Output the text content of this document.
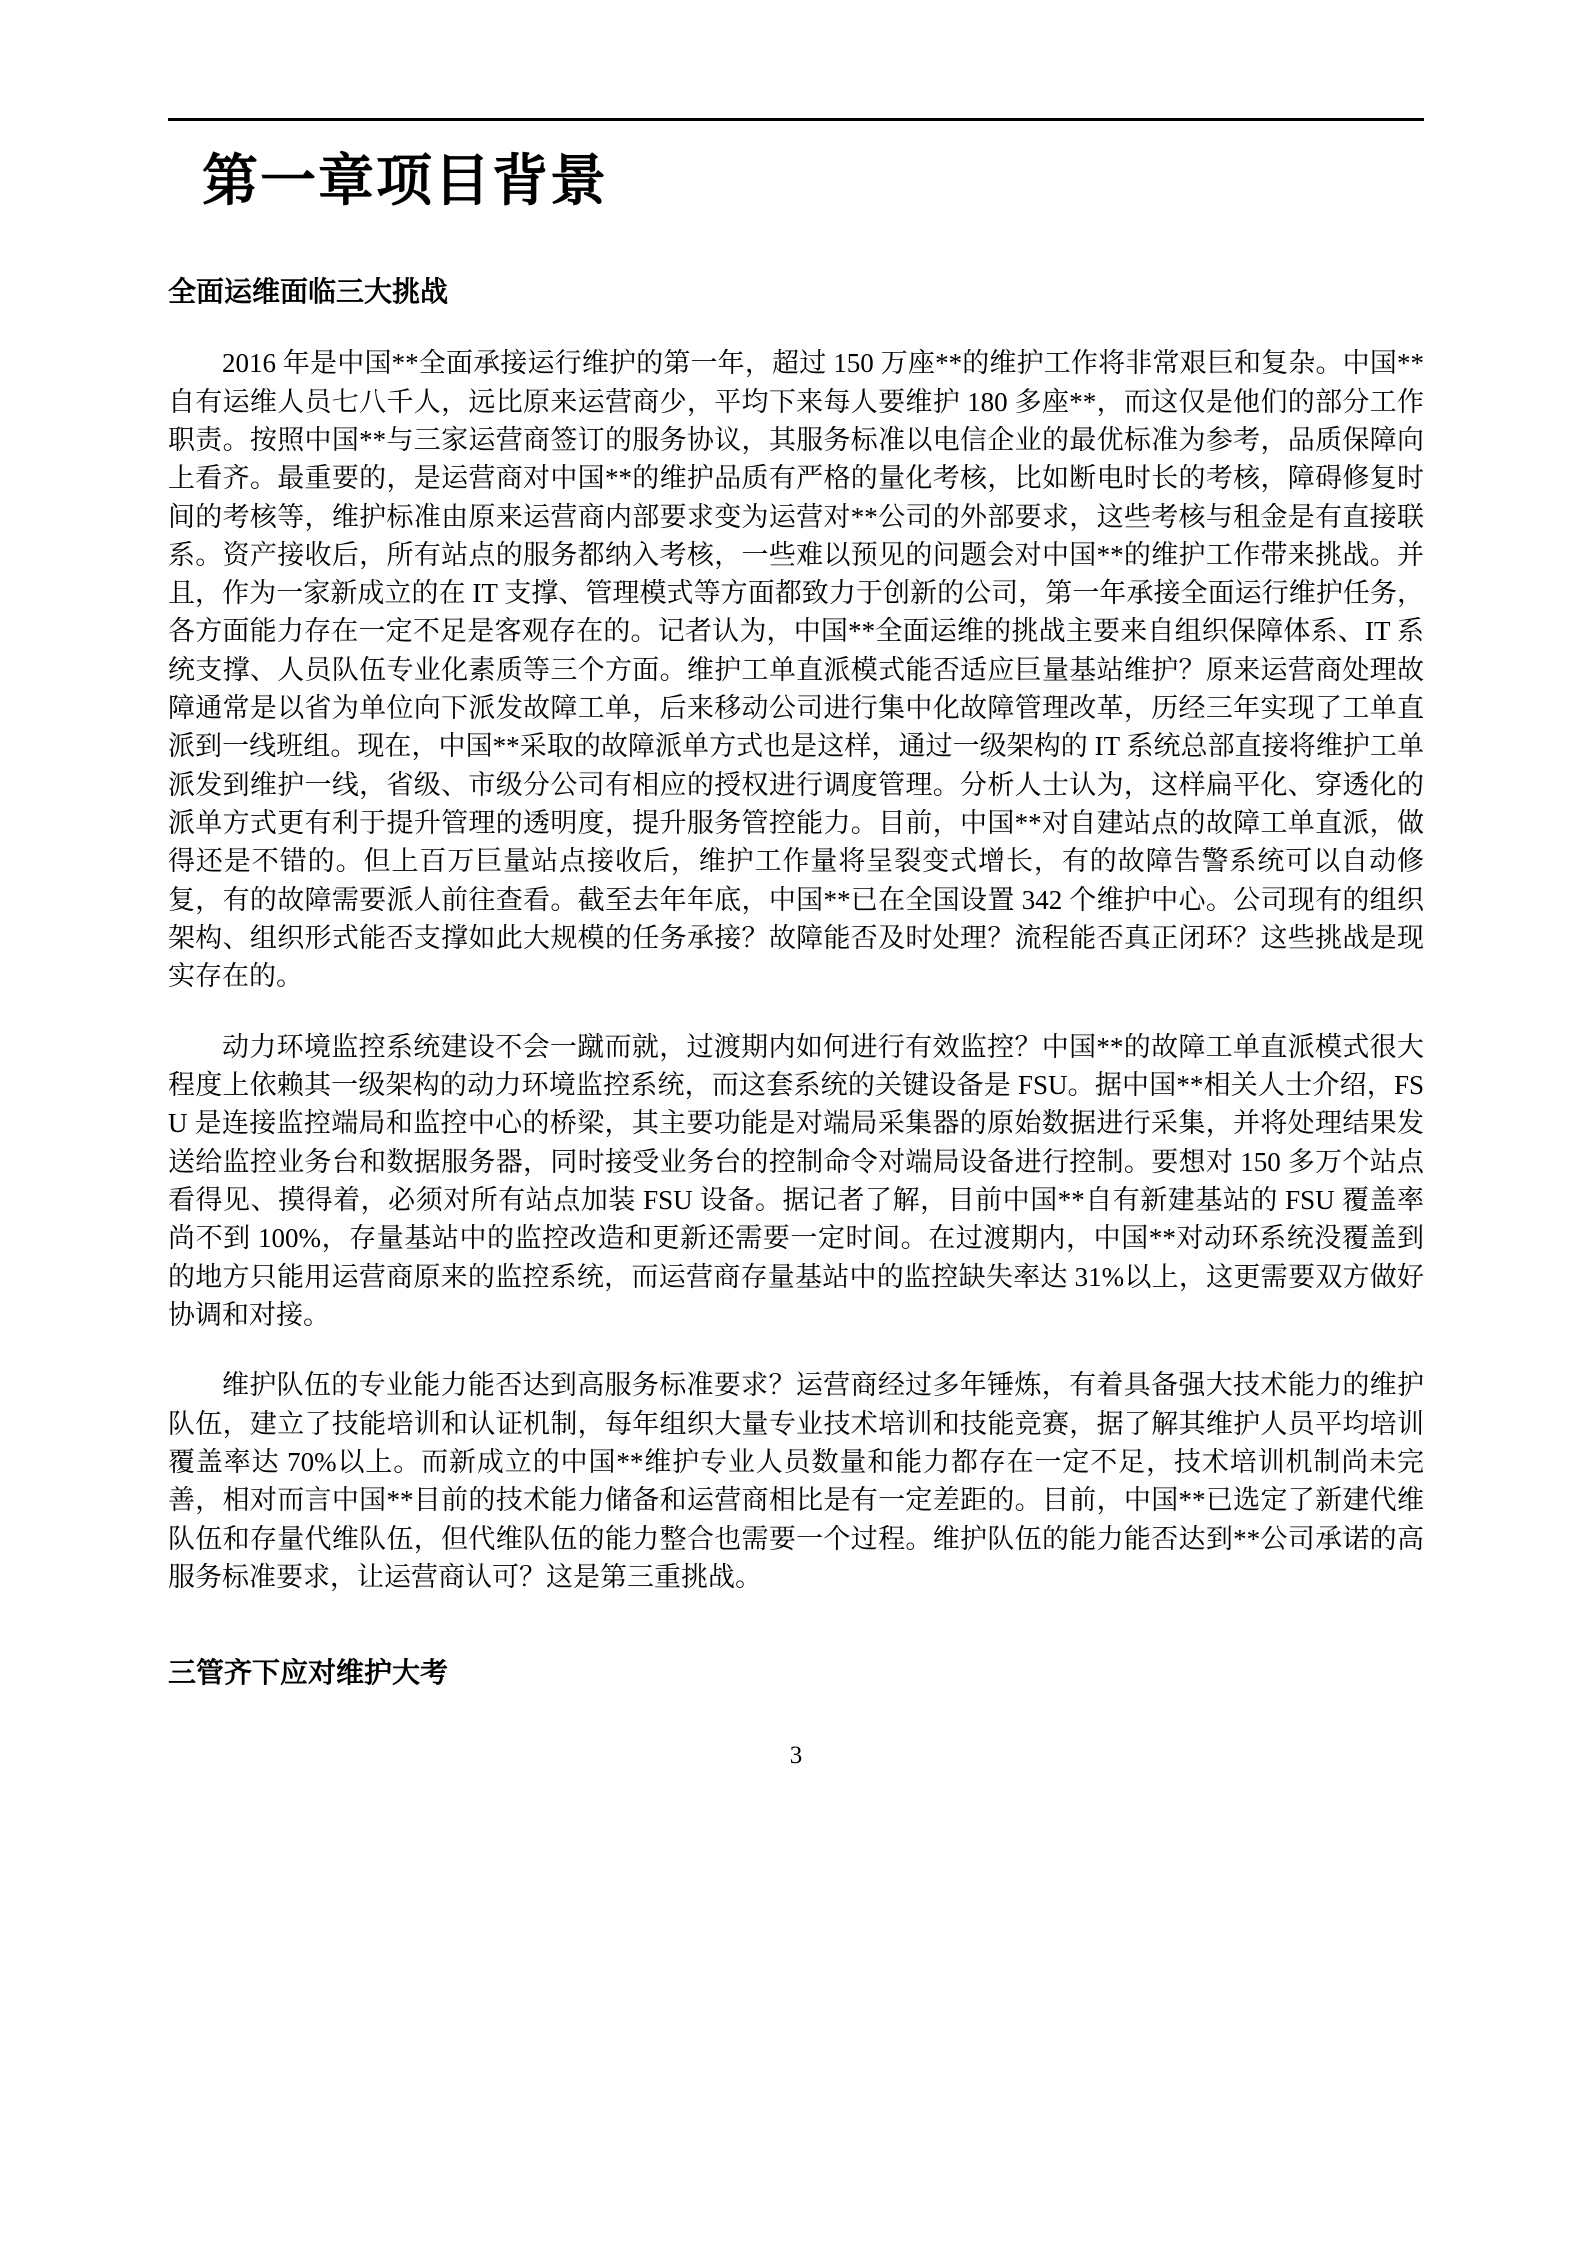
第一章项目背景
全面运维面临三大挑战

2016 年是中国**全面承接运行维护的第一年，超过 150 万座**的维护工作将非常艰巨和复杂。中国**自有运维人员七八千人，远比原来运营商少，平均下来每人要维护 180 多座**，而这仅是他们的部分工作职责。按照中国**与三家运营商签订的服务协议，其服务标准以电信企业的最优标准为参考，品质保障向上看齐。最重要的，是运营商对中国**的维护品质有严格的量化考核，比如断电时长的考核，障碍修复时间的考核等，维护标准由原来运营商内部要求变为运营对**公司的外部要求，这些考核与租金是有直接联系。资产接收后，所有站点的服务都纳入考核，一些难以预见的问题会对中国**的维护工作带来挑战。并且，作为一家新成立的在 IT 支撑、管理模式等方面都致力于创新的公司，第一年承接全面运行维护任务，各方面能力存在一定不足是客观存在的。记者认为，中国**全面运维的挑战主要来自组织保障体系、IT 系统支撑、人员队伍专业化素质等三个方面。维护工单直派模式能否适应巨量基站维护？原来运营商处理故障通常是以省为单位向下派发故障工单，后来移动公司进行集中化故障管理改革，历经三年实现了工单直派到一线班组。现在，中国**采取的故障派单方式也是这样，通过一级架构的 IT 系统总部直接将维护工单派发到维护一线，省级、市级分公司有相应的授权进行调度管理。分析人士认为，这样扁平化、穿透化的派单方式更有利于提升管理的透明度，提升服务管控能力。目前，中国**对自建站点的故障工单直派，做得还是不错的。但上百万巨量站点接收后，维护工作量将呈裂变式增长，有的故障告警系统可以自动修复，有的故障需要派人前往查看。截至去年年底，中国**已在全国设置 342 个维护中心。公司现有的组织架构、组织形式能否支撑如此大规模的任务承接？故障能否及时处理？流程能否真正闭环？这些挑战是现实存在的。

动力环境监控系统建设不会一蹴而就，过渡期内如何进行有效监控？中国**的故障工单直派模式很大程度上依赖其一级架构的动力环境监控系统，而这套系统的关键设备是 FSU。据中国**相关人士介绍，FSU 是连接监控端局和监控中心的桥梁，其主要功能是对端局采集器的原始数据进行采集，并将处理结果发送给监控业务台和数据服务器，同时接受业务台的控制命令对端局设备进行控制。要想对 150 多万个站点看得见、摸得着，必须对所有站点加装 FSU 设备。据记者了解，目前中国**自有新建基站的 FSU 覆盖率尚不到 100%，存量基站中的监控改造和更新还需要一定时间。在过渡期内，中国**对动环系统没覆盖到的地方只能用运营商原来的监控系统，而运营商存量基站中的监控缺失率达 31%以上，这更需要双方做好协调和对接。

维护队伍的专业能力能否达到高服务标准要求？运营商经过多年锤炼，有着具备强大技术能力的维护队伍，建立了技能培训和认证机制，每年组织大量专业技术培训和技能竞赛，据了解其维护人员平均培训覆盖率达 70%以上。而新成立的中国**维护专业人员数量和能力都存在一定不足，技术培训机制尚未完善，相对而言中国**目前的技术能力储备和运营商相比是有一定差距的。目前，中国**已选定了新建代维队伍和存量代维队伍，但代维队伍的能力整合也需要一个过程。维护队伍的能力能否达到**公司承诺的高服务标准要求，让运营商认可？这是第三重挑战。

三管齐下应对维护大考
3
